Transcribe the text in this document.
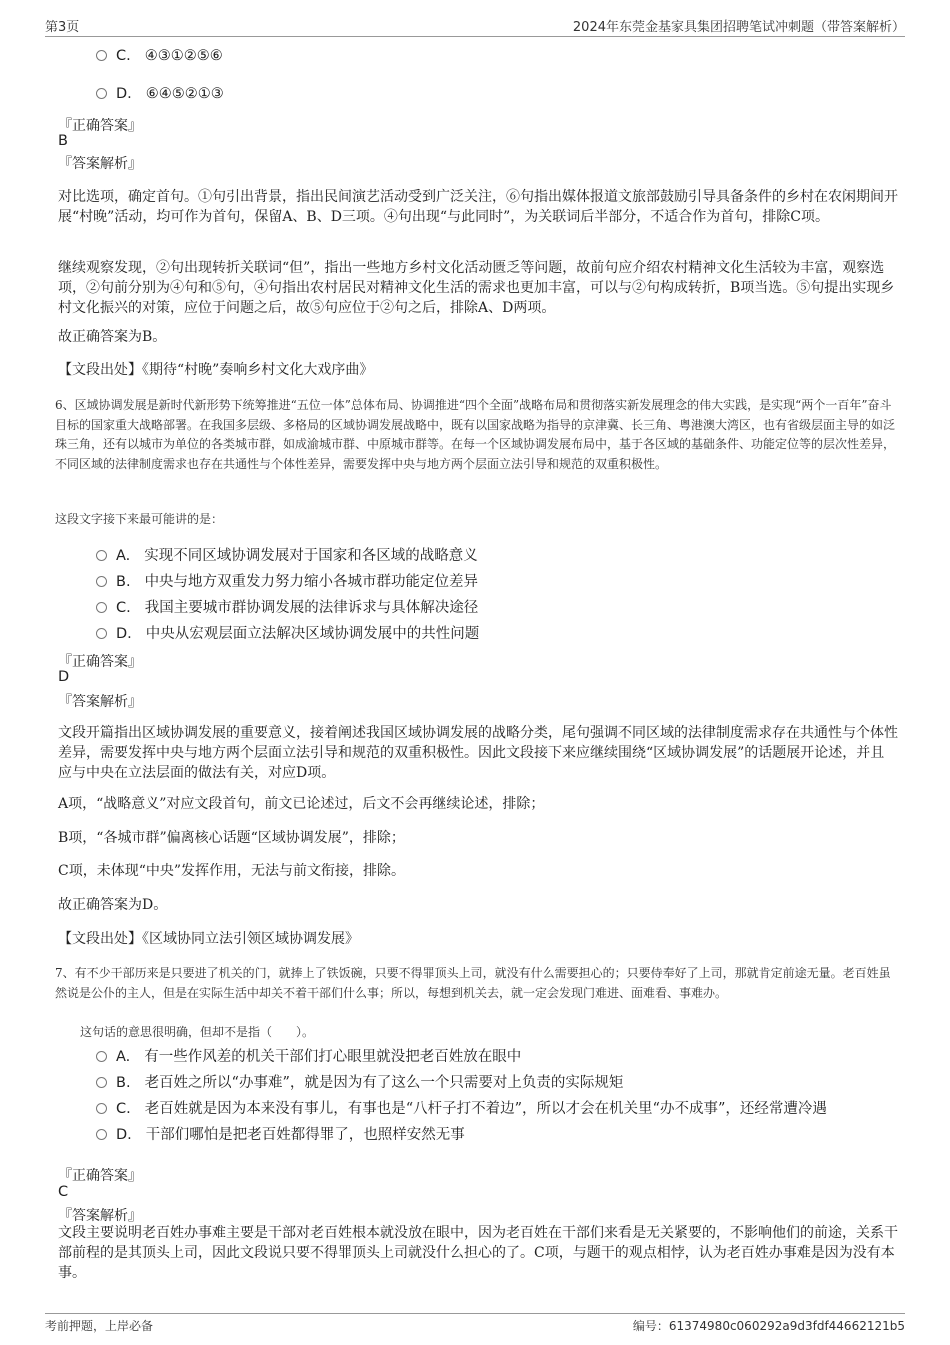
第3页	2024年东莞金基家具集团招聘笔试冲刺题（带答案解析）
C. ④③①②⑤⑥
D. ⑥④⑤②①③
『正确答案』
B
『答案解析』
对比选项，确定首句。①句引出背景，指出民间演艺活动受到广泛关注，⑥句指出媒体报道文旅部鼓励引导具备条件的乡村在农闲期间开展“村晚”活动，均可作为首句，保留A、B、D三项。④句出现“与此同时”，为关联词后半部分，不适合作为首句，排除C项。
继续观察发现，②句出现转折关联词“但”，指出一些地方乡村文化活动匮乏等问题，故前句应介绍农村精神文化生活较为丰富，观察选项，②句前分别为④句和⑤句，④句指出农村居民对精神文化生活的需求也更加丰富，可以与②句构成转折，B项当选。⑤句提出实现乡村文化振兴的对策，应位于问题之后，故⑤句应位于②句之后，排除A、D两项。
故正确答案为B。
【文段出处】《期待“村晚”奏响乡村文化大戏序曲》
6、区域协调发展是新时代新形势下统筹推进“五位一体”总体布局、协调推进“四个全面”战略布局和贯彻落实新发展理念的伟大实践，是实现“两个一百年”奋斗目标的国家重大战略部署。在我国多层级、多格局的区域协调发展战略中，既有以国家战略为指导的京津冀、长三角、粤港澳大湾区，也有省级层面主导的如泛珠三角，还有以城市为单位的各类城市群，如成渝城市群、中原城市群等。在每一个区域协调发展布局中，基于各区域的基础条件、功能定位等的层次性差异，不同区域的法律制度需求也存在共通性与个体性差异，需要发挥中央与地方两个层面立法引导和规范的双重积极性。
这段文字接下来最可能讲的是：
A. 实现不同区域协调发展对于国家和各区域的战略意义
B. 中央与地方双重发力努力缩小各城市群功能定位差异
C. 我国主要城市群协调发展的法律诉求与具体解决途径
D. 中央从宏观层面立法解决区域协调发展中的共性问题
『正确答案』
D
『答案解析』
文段开篇指出区域协调发展的重要意义，接着阐述我国区域协调发展的战略分类，尾句强调不同区域的法律制度需求存在共通性与个体性差异，需要发挥中央与地方两个层面立法引导和规范的双重积极性。因此文段接下来应继续围绕“区域协调发展”的话题展开论述，并且应与中央在立法层面的做法有关，对应D项。
A项，“战略意义”对应文段首句，前文已论述过，后文不会再继续论述，排除；
B项，“各城市群”偏离核心话题“区域协调发展”，排除；
C项，未体现“中央”发挥作用，无法与前文衔接，排除。
故正确答案为D。
【文段出处】《区域协同立法引领区域协调发展》
7、有不少干部历来是只要进了机关的门，就捧上了铁饭碗，只要不得罪顶头上司，就没有什么需要担心的；只要侍奉好了上司，那就肯定前途无量。老百姓虽然说是公仆的主人，但是在实际生活中却关不着干部们什么事；所以，每想到机关去，就一定会发现门难进、面难看、事难办。
这句话的意思很明确，但却不是指（　　）。
A. 有一些作风差的机关干部们打心眼里就没把老百姓放在眼中
B. 老百姓之所以“办事难”，就是因为有了这么一个只需要对上负责的实际规矩
C. 老百姓就是因为本来没有事儿，有事也是“八杆子打不着边”，所以才会在机关里“办不成事”，还经常遭冷遇
D. 干部们哪怕是把老百姓都得罪了，也照样安然无事
『正确答案』
C
『答案解析』
文段主要说明老百姓办事难主要是干部对老百姓根本就没放在眼中，因为老百姓在干部们来看是无关紧要的，不影响他们的前途，关系干部前程的是其顶头上司，因此文段说只要不得罪顶头上司就没什么担心的了。C项，与题干的观点相悖，认为老百姓办事难是因为没有本事。
考前押题，上岸必备	编号：61374980c060292a9d3fdf44662121b5
